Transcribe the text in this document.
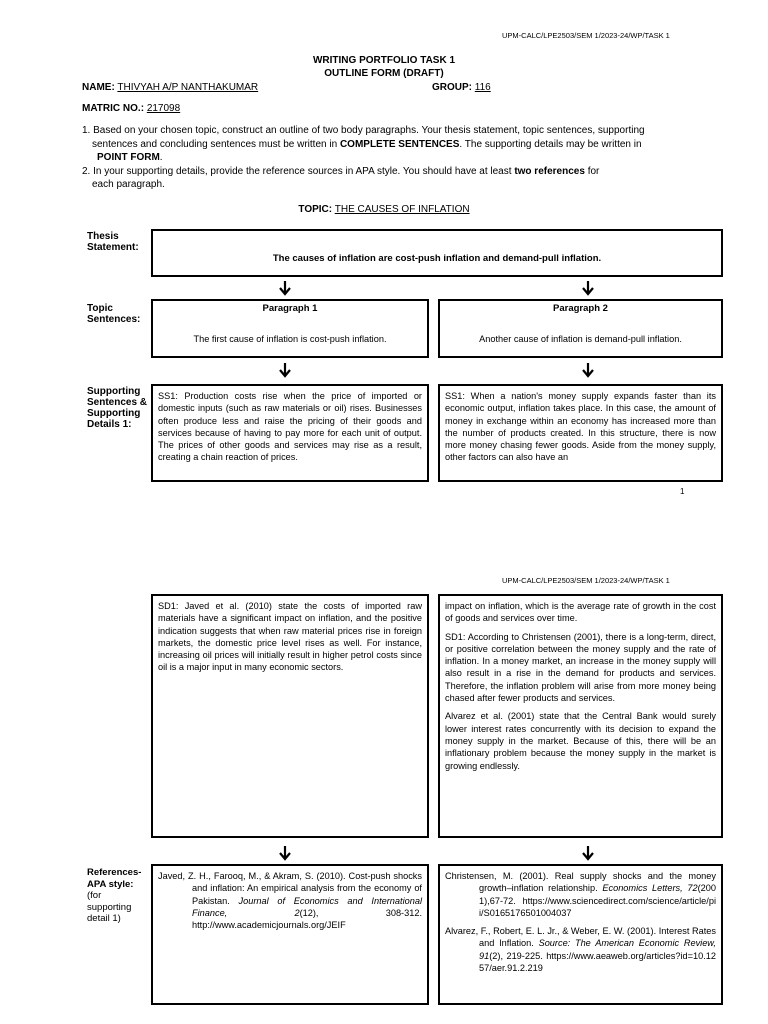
UPM-CALC/LPE2503/SEM 1/2023-24/WP/TASK 1
WRITING PORTFOLIO TASK 1
OUTLINE FORM (DRAFT)
NAME: THIVYAH A/P NANTHAKUMAR	GROUP: 116
MATRIC NO.: 217098
1. Based on your chosen topic, construct an outline of two body paragraphs. Your thesis statement, topic sentences, supporting
sentences and concluding sentences must be written in COMPLETE SENTENCES. The supporting details may be written in
POINT FORM.
2. In your supporting details, provide the reference sources in APA style. You should have at least two references for
each paragraph.
TOPIC: THE CAUSES OF INFLATION
Thesis
Statement:
The causes of inflation are cost-push inflation and demand-pull inflation.
Topic
Sentences:
Paragraph 1
The first cause of inflation is cost-push inflation.
Paragraph 2
Another cause of inflation is demand-pull inflation.
Supporting
Sentences &
Supporting
Details 1:
SS1: Production costs rise when the price of imported or domestic inputs (such as raw materials or oil) rises. Businesses often produce less and raise the pricing of their goods and services because of having to pay more for each unit of output. The prices of other goods and services may rise as a result, creating a chain reaction of prices.
SS1: When a nation's money supply expands faster than its economic output, inflation takes place. In this case, the amount of money in exchange within an economy has increased more than the number of products created. In this structure, there is now more money chasing fewer goods. Aside from the money supply, other factors can also have an
1
UPM-CALC/LPE2503/SEM 1/2023-24/WP/TASK 1
SD1: Javed et al. (2010) state the costs of imported raw materials have a significant impact on inflation, and the positive indication suggests that when raw material prices rise in foreign markets, the domestic price level rises as well. For instance, increasing oil prices will initially result in higher petrol costs since oil is a major input in many economic sectors.

impact on inflation, which is the average rate of growth in the cost of goods and services over time.

SD1: According to Christensen (2001), there is a long-term, direct, or positive correlation between the money supply and the rate of inflation. In a money market, an increase in the money supply will also result in a rise in the demand for products and services. Therefore, the inflation problem will arise from more money being chased after fewer products and services.

Alvarez et al. (2001) state that the Central Bank would surely lower interest rates concurrently with its decision to expand the money supply in the market. Because of this, there will be an inflationary problem because the money supply in the market is growing endlessly.

References-
APA style:
(for
supporting
detail 1)
Javed, Z. H., Farooq, M., & Akram, S. (2010). Cost-push shocks and inflation: An empirical analysis from the economy of Pakistan. Journal of Economics and International Finance, 2(12), 308-312. http://www.academicjournals.org/JEIF
Christensen, M. (2001). Real supply shocks and the money growth–inflation relationship. Economics Letters, 72(2001),67-72. https://www.sciencedirect.com/science/article/pii/S0165176501004037
Alvarez, F., Robert, E. L. Jr., & Weber, E. W. (2001). Interest Rates and Inflation. Source: The American Economic Review, 91(2), 219-225. https://www.aeaweb.org/articles?id=10.1257/aer.91.2.219
